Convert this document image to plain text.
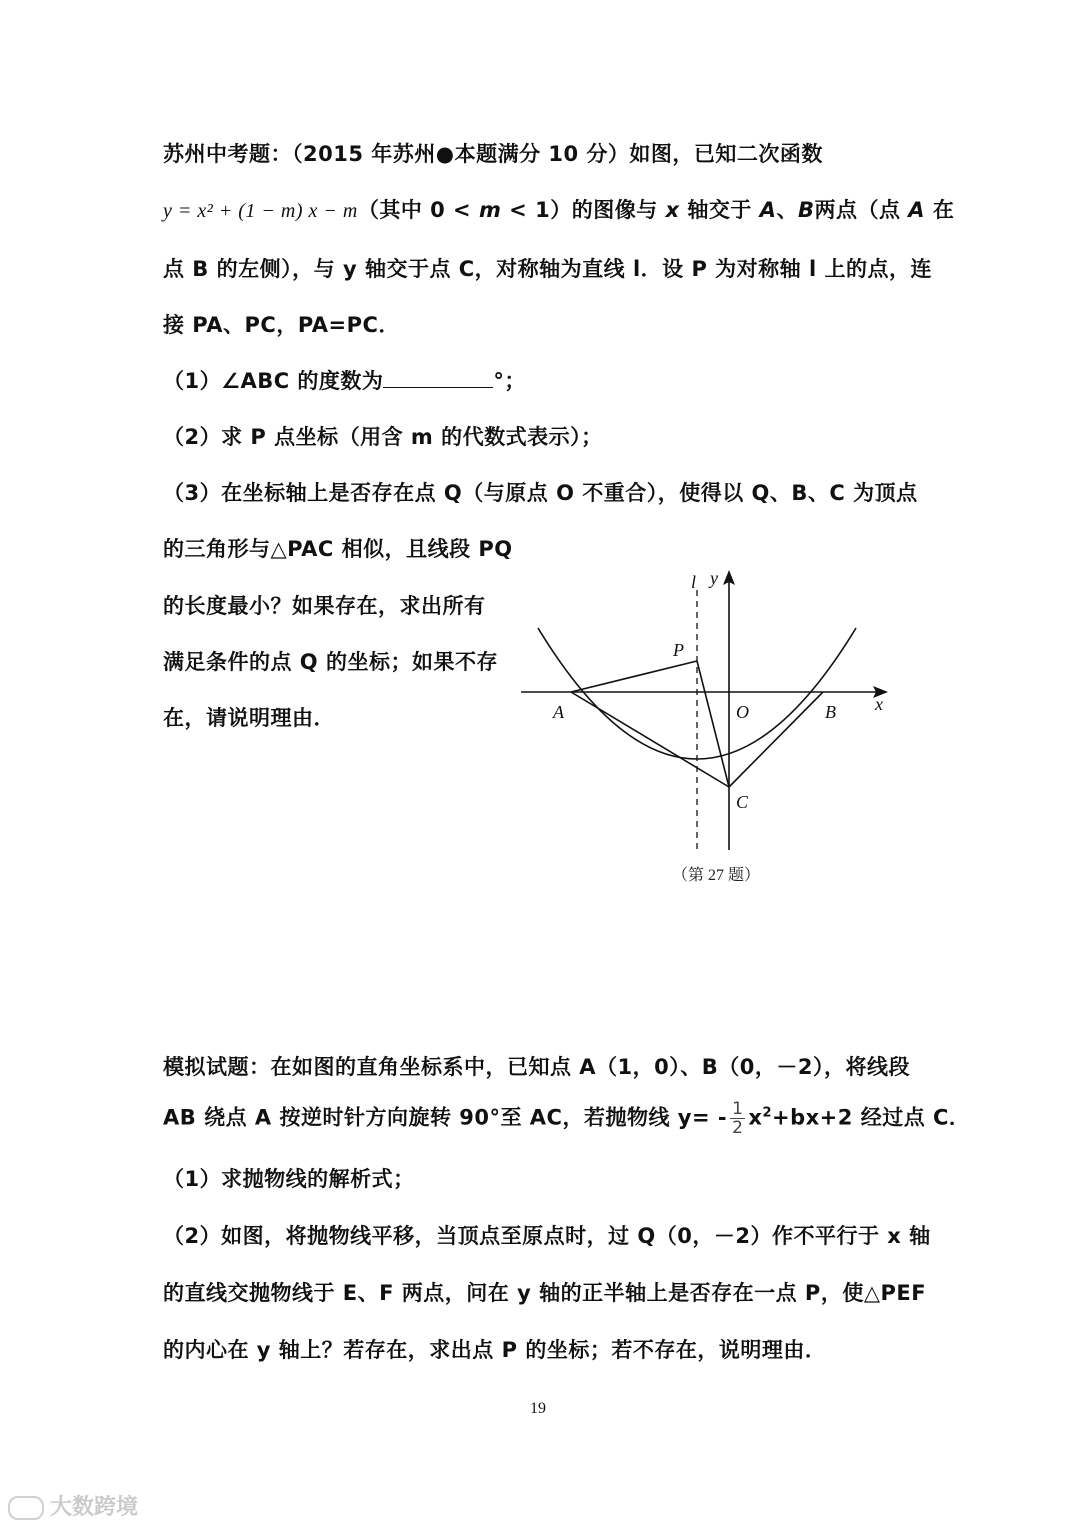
苏州中考题：（2015 年苏州●本题满分 10 分）如图，已知二次函数
y = x² + (1 − m) x − m（其中 0 < m < 1）的图像与 x 轴交于 A、B两点（点 A 在
点 B 的左侧），与 y 轴交于点 C，对称轴为直线 l．设 P 为对称轴 l 上的点，连
接 PA、PC，PA=PC．
（1）∠ABC 的度数为	°；
（2）求 P 点坐标（用含 m 的代数式表示）；
（3）在坐标轴上是否存在点 Q（与原点 O 不重合），使得以 Q、B、C 为顶点
的三角形与△PAC 相似，且线段 PQ
的长度最小？如果存在，求出所有
满足条件的点 Q 的坐标；如果不存
在，请说明理由．
l y
x
P
A	O	B
C
（第 27 题）
模拟试题：在如图的直角坐标系中，已知点 A（1，0）、B（0，－2），将线段
AB 绕点 A 按逆时针方向旋转 90°至 AC，若抛物线 $y= - \frac{1}{2} x^2+bx+2$ 经过点 C．
（1）求抛物线的解析式；
（2）如图，将抛物线平移，当顶点至原点时，过 Q（0，－2）作不平行于 x 轴
的直线交抛物线于 E、F 两点，问在 y 轴的正半轴上是否存在一点 P，使△PEF
的内心在 y 轴上？若存在，求出点 P 的坐标；若不存在，说明理由．
19
大数跨境
